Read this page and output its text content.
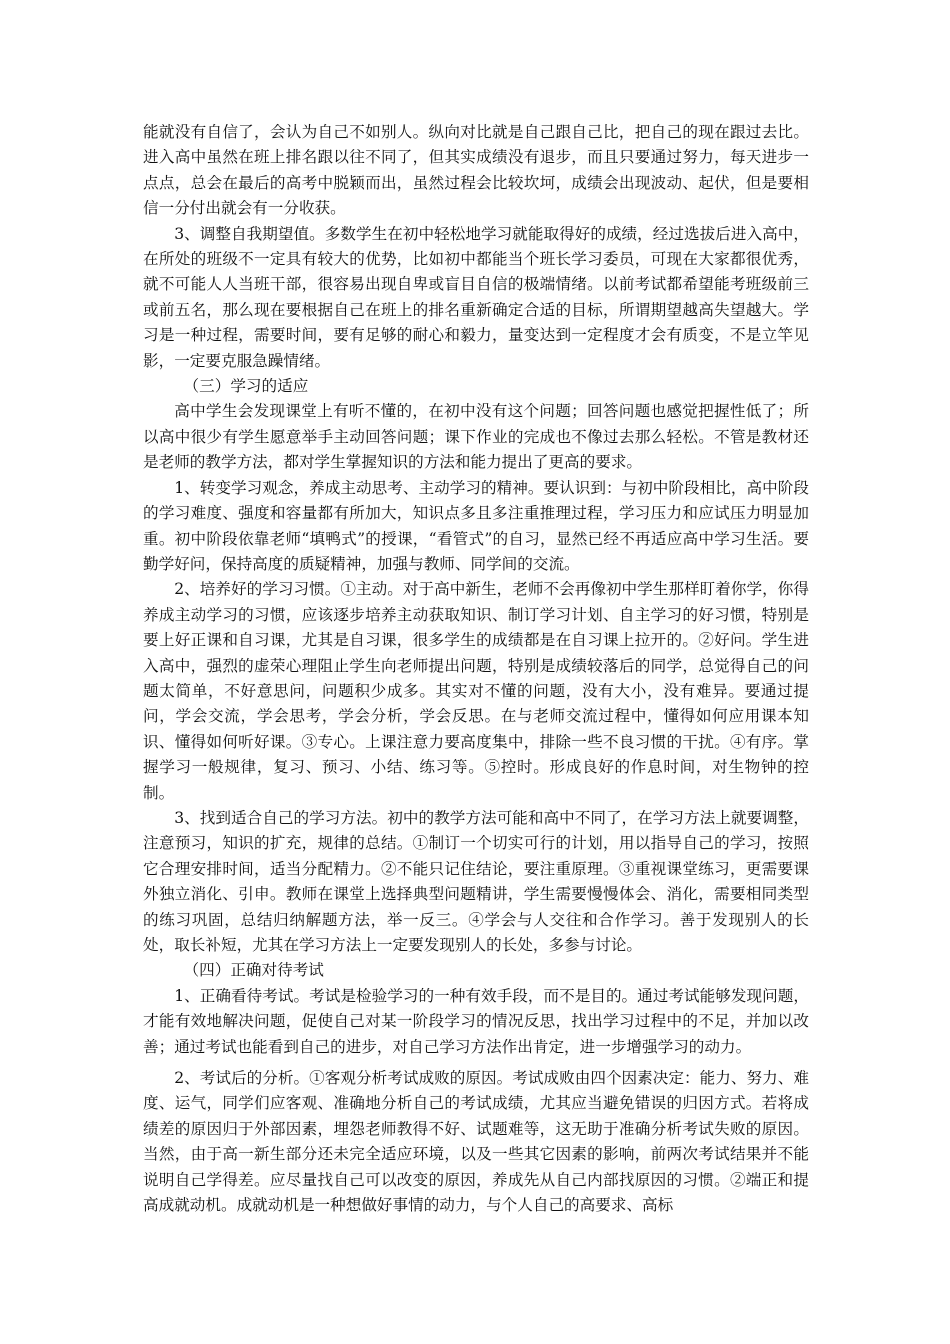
能就没有自信了，会认为自己不如别人。纵向对比就是自己跟自己比，把自己的现在跟过去比。进入高中虽然在班上排名跟以往不同了，但其实成绩没有退步，而且只要通过努力，每天进步一点点，总会在最后的高考中脱颖而出，虽然过程会比较坎坷，成绩会出现波动、起伏，但是要相信一分付出就会有一分收获。

3、调整自我期望值。多数学生在初中轻松地学习就能取得好的成绩，经过选拔后进入高中，在所处的班级不一定具有较大的优势，比如初中都能当个班长学习委员，可现在大家都很优秀，就不可能人人当班干部，很容易出现自卑或盲目自信的极端情绪。以前考试都希望能考班级前三或前五名，那么现在要根据自己在班上的排名重新确定合适的目标，所谓期望越高失望越大。学习是一种过程，需要时间，要有足够的耐心和毅力，量变达到一定程度才会有质变，不是立竿见影，一定要克服急躁情绪。

（三）学习的适应

高中学生会发现课堂上有听不懂的，在初中没有这个问题；回答问题也感觉把握性低了；所以高中很少有学生愿意举手主动回答问题；课下作业的完成也不像过去那么轻松。不管是教材还是老师的教学方法，都对学生掌握知识的方法和能力提出了更高的要求。

1、转变学习观念，养成主动思考、主动学习的精神。要认识到：与初中阶段相比，高中阶段的学习难度、强度和容量都有所加大，知识点多且多注重推理过程，学习压力和应试压力明显加重。初中阶段依靠老师“填鸭式”的授课，“看管式”的自习，显然已经不再适应高中学习生活。要勤学好问，保持高度的质疑精神，加强与教师、同学间的交流。

2、培养好的学习习惯。①主动。对于高中新生，老师不会再像初中学生那样盯着你学，你得养成主动学习的习惯，应该逐步培养主动获取知识、制订学习计划、自主学习的好习惯，特别是要上好正课和自习课，尤其是自习课，很多学生的成绩都是在自习课上拉开的。②好问。学生进入高中，强烈的虚荣心理阻止学生向老师提出问题，特别是成绩较落后的同学，总觉得自己的问题太简单，不好意思问，问题积少成多。其实对不懂的问题，没有大小，没有难异。要通过提问，学会交流，学会思考，学会分析，学会反思。在与老师交流过程中，懂得如何应用课本知识、懂得如何听好课。③专心。上课注意力要高度集中，排除一些不良习惯的干扰。④有序。掌握学习一般规律，复习、预习、小结、练习等。⑤控时。形成良好的作息时间，对生物钟的控制。

3、找到适合自己的学习方法。初中的教学方法可能和高中不同了，在学习方法上就要调整，注意预习，知识的扩充，规律的总结。①制订一个切实可行的计划，用以指导自己的学习，按照它合理安排时间，适当分配精力。②不能只记住结论，要注重原理。③重视课堂练习，更需要课外独立消化、引申。教师在课堂上选择典型问题精讲，学生需要慢慢体会、消化，需要相同类型的练习巩固，总结归纳解题方法，举一反三。④学会与人交往和合作学习。善于发现别人的长处，取长补短，尤其在学习方法上一定要发现别人的长处，多参与讨论。

（四）正确对待考试

1、正确看待考试。考试是检验学习的一种有效手段，而不是目的。通过考试能够发现问题，才能有效地解决问题，促使自己对某一阶段学习的情况反思，找出学习过程中的不足，并加以改善；通过考试也能看到自己的进步，对自己学习方法作出肯定，进一步增强学习的动力。

2、考试后的分析。①客观分析考试成败的原因。考试成败由四个因素决定：能力、努力、难度、运气，同学们应客观、准确地分析自己的考试成绩，尤其应当避免错误的归因方式。若将成绩差的原因归于外部因素，埋怨老师教得不好、试题难等，这无助于准确分析考试失败的原因。当然，由于高一新生部分还未完全适应环境，以及一些其它因素的影响，前两次考试结果并不能说明自己学得差。应尽量找自己可以改变的原因，养成先从自己内部找原因的习惯。②端正和提高成就动机。成就动机是一种想做好事情的动力，与个人自己的高要求、高标
